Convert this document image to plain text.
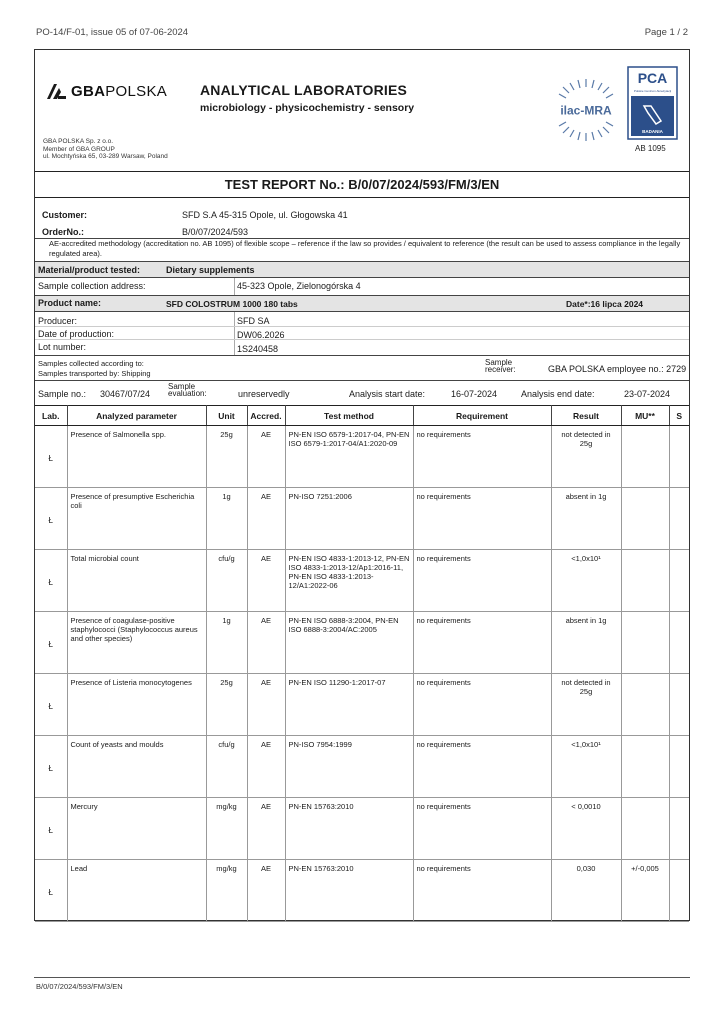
PO-14/F-01, issue 05 of 07-06-2024	Page 1 / 2
GBAPOLSKA ANALYTICAL LABORATORIES
microbiology - physicochemistry - sensory
GBA POLSKA Sp. z o.o.
Member of GBA GROUP
ul. Mochtyńska 65, 03-289 Warsaw, Poland
ilac-MRA
PCA
Polskie Centrum Akredytacji
BADANIA
AB 1095
TEST REPORT No.: B/0/07/2024/593/FM/3/EN
Customer:	SFD S.A 45-315 Opole, ul. Głogowska 41
OrderNo.:	B/0/07/2024/593
AE-accredited methodology (accreditation no. AB 1095) of flexible scope – reference if the law so provides / equivalent to reference (the result can be used to assess compliance in the legally regulated area).
Material/product tested:	Dietary supplements
Sample collection address:	45-323 Opole, Zielonogórska 4
Product name:	SFD COLOSTRUM 1000 180 tabs	Date*:16 lipca 2024
Producer:	SFD SA
Date of production:	DW06.2026
Lot number:	1S240458
Samples collected according to:
Samples transported by: Shipping
Sample
receiver:	GBA POLSKA employee no.: 2729
Sample no.: 30467/07/24
Sample
evaluation:	unreservedly	Analysis start date:	16-07-2024	Analysis end date:	23-07-2024
Lab.	Analyzed parameter	Unit	Accred.	Test method	Requirement	Result	MU**	S
Ł	Presence of Salmonella spp.	25g	AE	PN-EN ISO 6579-1:2017-04, PN-EN ISO 6579-1:2017-04/A1:2020-09	no requirements	not detected in 25g		
Ł	Presence of presumptive Escherichia coli	1g	AE	PN-ISO 7251:2006	no requirements	absent in 1g		
Ł	Total microbial count	cfu/g	AE	PN-EN ISO 4833-1:2013-12, PN-EN ISO 4833-1:2013-12/Ap1:2016-11, PN-EN ISO 4833-1:2013-12/A1:2022-06	no requirements	<1,0x10¹		
Ł	Presence of coagulase-positive staphylococci (Staphylococcus aureus and other species)	1g	AE	PN-EN ISO 6888-3:2004, PN-EN ISO 6888-3:2004/AC:2005	no requirements	absent in 1g		
Ł	Presence of Listeria monocytogenes	25g	AE	PN-EN ISO 11290-1:2017-07	no requirements	not detected in 25g		
Ł	Count of yeasts and moulds	cfu/g	AE	PN-ISO 7954:1999	no requirements	<1,0x10¹		
Ł	Mercury	mg/kg	AE	PN-EN 15763:2010	no requirements	< 0,0010		
Ł	Lead	mg/kg	AE	PN-EN 15763:2010	no requirements	0,030	+/-0,005	
B/0/07/2024/593/FM/3/EN
